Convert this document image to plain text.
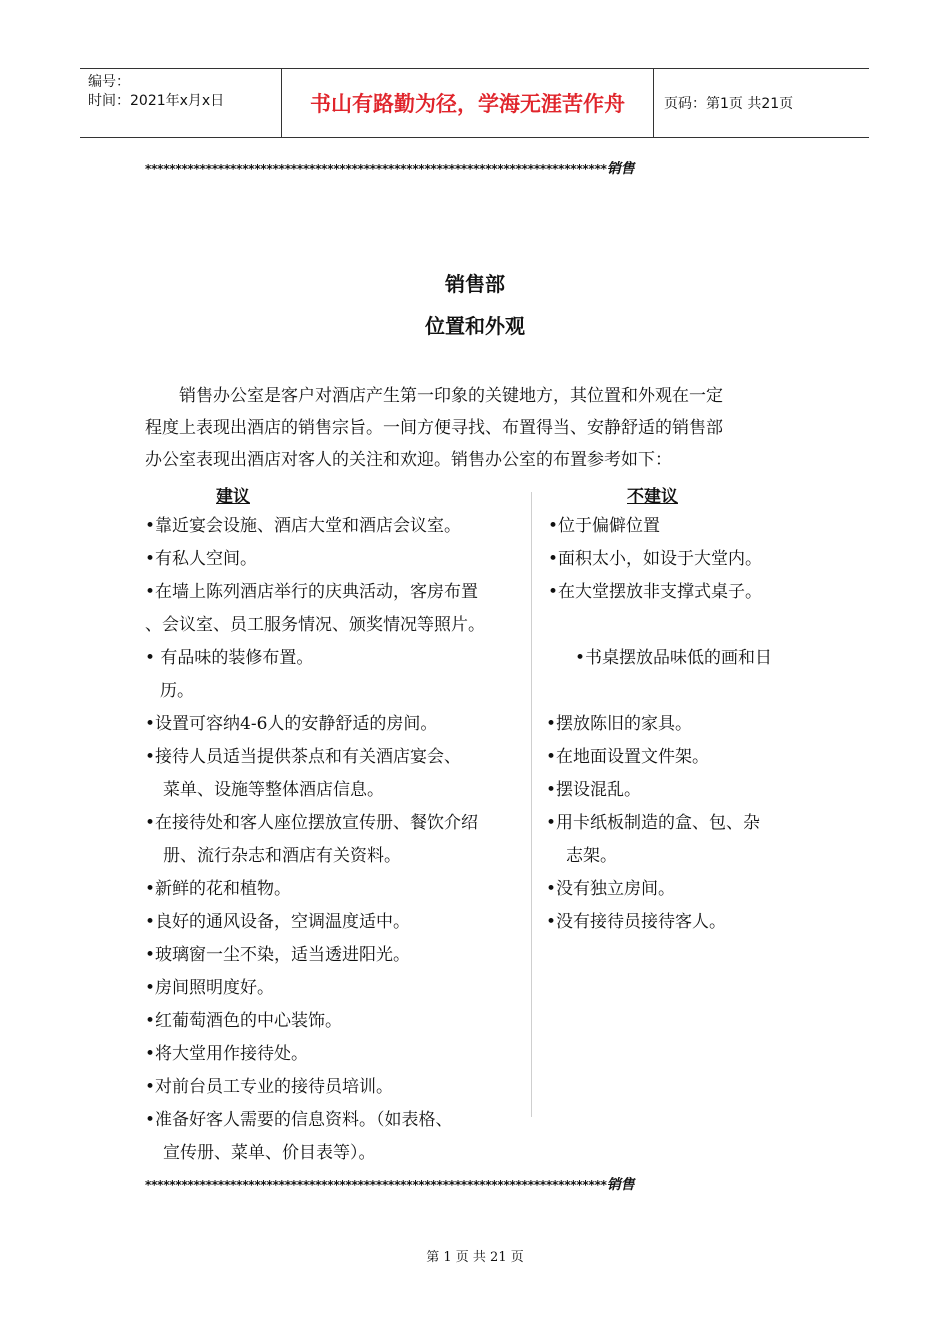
编号：
时间：2021年x月x日	书山有路勤为径，学海无涯苦作舟	页码：第1页 共21页
****************************************************************************销售
销售部
位置和外观
销售办公室是客户对酒店产生第一印象的关键地方，其位置和外观在一定
程度上表现出酒店的销售宗旨。一间方便寻找、布置得当、安静舒适的销售部
办公室表现出酒店对客人的关注和欢迎。销售办公室的布置参考如下：
建议	不建议
•靠近宴会设施、酒店大堂和酒店会议室。
•有私人空间。
•在墙上陈列酒店举行的庆典活动，客房布置
、会议室、员工服务情况、颁奖情况等照片。
• 有品味的装修布置。
历。
•设置可容纳4-6人的安静舒适的房间。
•接待人员适当提供茶点和有关酒店宴会、
菜单、设施等整体酒店信息。
•在接待处和客人座位摆放宣传册、餐饮介绍
册、流行杂志和酒店有关资料。
•新鲜的花和植物。
•良好的通风设备，空调温度适中。
•玻璃窗一尘不染，适当透进阳光。
•房间照明度好。
•红葡萄酒色的中心装饰。
•将大堂用作接待处。
•对前台员工专业的接待员培训。
•准备好客人需要的信息资料。（如表格、
宣传册、菜单、价目表等）。
•位于偏僻位置
•面积太小，如设于大堂内。
•在大堂摆放非支撑式桌子。
•书桌摆放品味低的画和日
•摆放陈旧的家具。
•在地面设置文件架。
•摆设混乱。
•用卡纸板制造的盒、包、杂
志架。
•没有独立房间。
•没有接待员接待客人。
****************************************************************************销售
第 1 页 共 21 页
